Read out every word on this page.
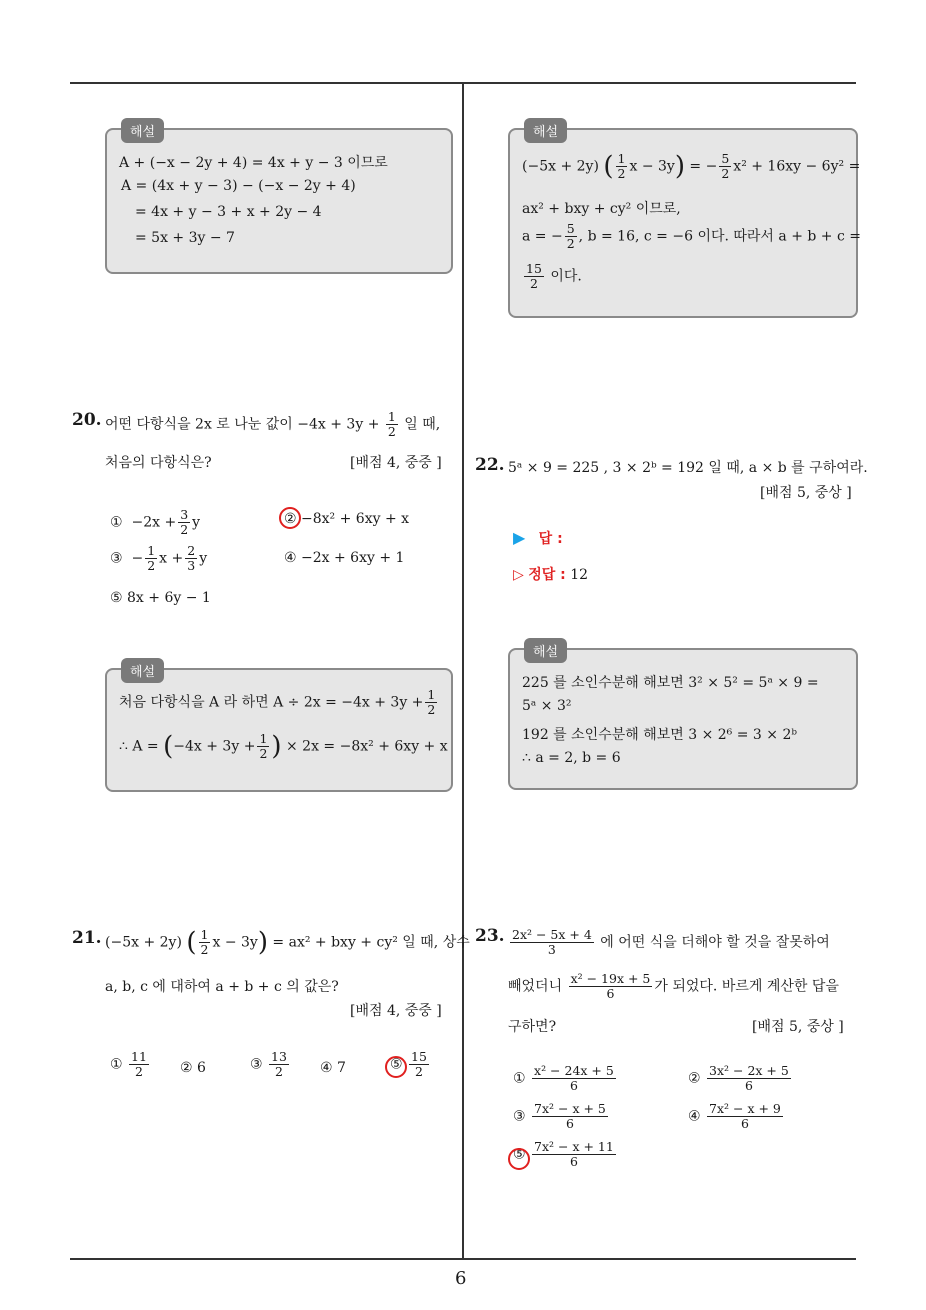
6
해설
A + (−x − 2y + 4) = 4x + y − 3 이므로
A = (4x + y − 3) − (−x − 2y + 4)
= 4x + y − 3 + x + 2y − 4
= 5x + 3y − 7
해설
(−5x + 2y) ( $\frac{1}{2}$ x − 3y) = − $\frac{5}{2} x^2 + 16xy - 6y^2$ =
ax² + bxy + cy² 이므로,
a = − $\frac{5}{2}$ , b = 16, c = −6 이다. 따라서 a + b + c =
$\frac{15}{2}$ 이다.
20. 어떤 다항식을 2x 로 나눈 값이 $-4x + 3y + \frac{1}{2}$ 일 때,
처음의 다항식은?	[배점 4, 중중 ]
① $-2x + \frac{3}{2}$ y	② −8x² + 6xy + x
③ − $\frac{1}{2}$ $x + \frac{2}{3}$ y	④ −2x + 6xy + 1
⑤ 8x + 6y − 1
해설
처음 다항식을 A 라 하면 $A \div 2x = -4x + 3y + \frac{1}{2}$
∴ $A = (-4x + 3y + \frac{1}{2}$ ) × 2x = −8x² + 6xy + x
21. (−5x + 2y) ( $\frac{1}{2}$ x − 3y) = ax² + bxy + cy² 일 때, 상수
a, b, c 에 대하여 a + b + c 의 값은?
[배점 4, 중중 ]
① $\frac{11}{2}$ ② 6	③ $\frac{13}{2}$ ④ 7	⑤ $\frac{15}{2}$
22. 5ᵃ × 9 = 225 , 3 × 2ᵇ = 192 일 때, a × b 를 구하여라.
[배점 5, 중상 ]
▶ 답 :
▷ 정답 : 12
해설
225 를 소인수분해 해보면 3² × 5² = 5ᵃ × 9 =
5ᵃ × 3²
192 를 소인수분해 해보면 3 × 2⁶ = 3 × 2ᵇ
∴ a = 2, b = 6
23. $\frac{\text{2x² − 5x + 4}}{3}$ 에 어떤 식을 더해야 할 것을 잘못하여
빼었더니 $\frac{\text{x² − 19x + 5}}{6}$ 가 되었다. 바르게 계산한 답을
구하면?	[배점 5, 중상 ]
① $\frac{\text{x² − 24x + 5}}{6}$	② $\frac{\text{3x² − 2x + 5}}{6}$
③ $\frac{\text{7x² − x + 5}}{6}$	④ $\frac{\text{7x² − x + 9}}{6}$
⑤ $\frac{\text{7x² − x + 11}}{6}$
